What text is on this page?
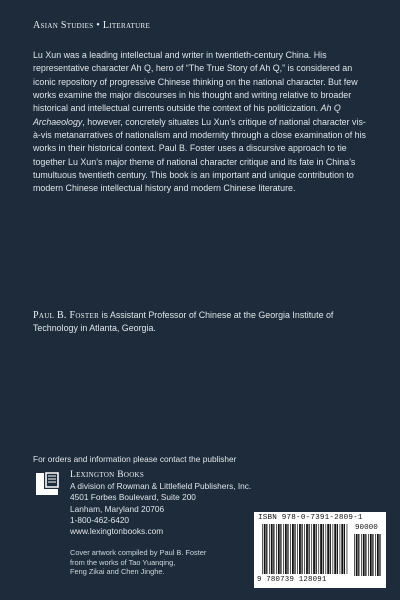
Asian Studies • Literature

Lu Xun was a leading intellectual and writer in twentieth-century China. His representative character Ah Q, hero of “The True Story of Ah Q,” is considered an iconic repository of progressive Chinese thinking on the national character. But few works examine the major discourses in his thought and writing relative to broader historical and intellectual currents outside the context of his politicization. Ah Q Archaeology, however, concretely situates Lu Xun’s critique of national character vis-à-vis metanarratives of nationalism and modernity through a close examination of his works in their historical context. Paul B. Foster uses a discursive approach to tie together Lu Xun’s major theme of national character critique and its fate in China’s tumultuous twentieth century. This book is an important and unique contribution to modern Chinese intellectual history and modern Chinese literature.

Paul B. Foster is Assistant Professor of Chinese at the Georgia Institute of Technology in Atlanta, Georgia.
For orders and information please contact the publisher
Lexington Books
A division of Rowman & Littlefield Publishers, Inc.
4501 Forbes Boulevard, Suite 200
Lanham, Maryland 20706
1-800-462-6420
www.lexingtonbooks.com
Cover artwork compiled by Paul B. Foster
from the works of Tao Yuanqing,
Feng Zikai and Chen Jinghe.
ISBN 978-0-7391-2809-1
90000
9 780739 128091
